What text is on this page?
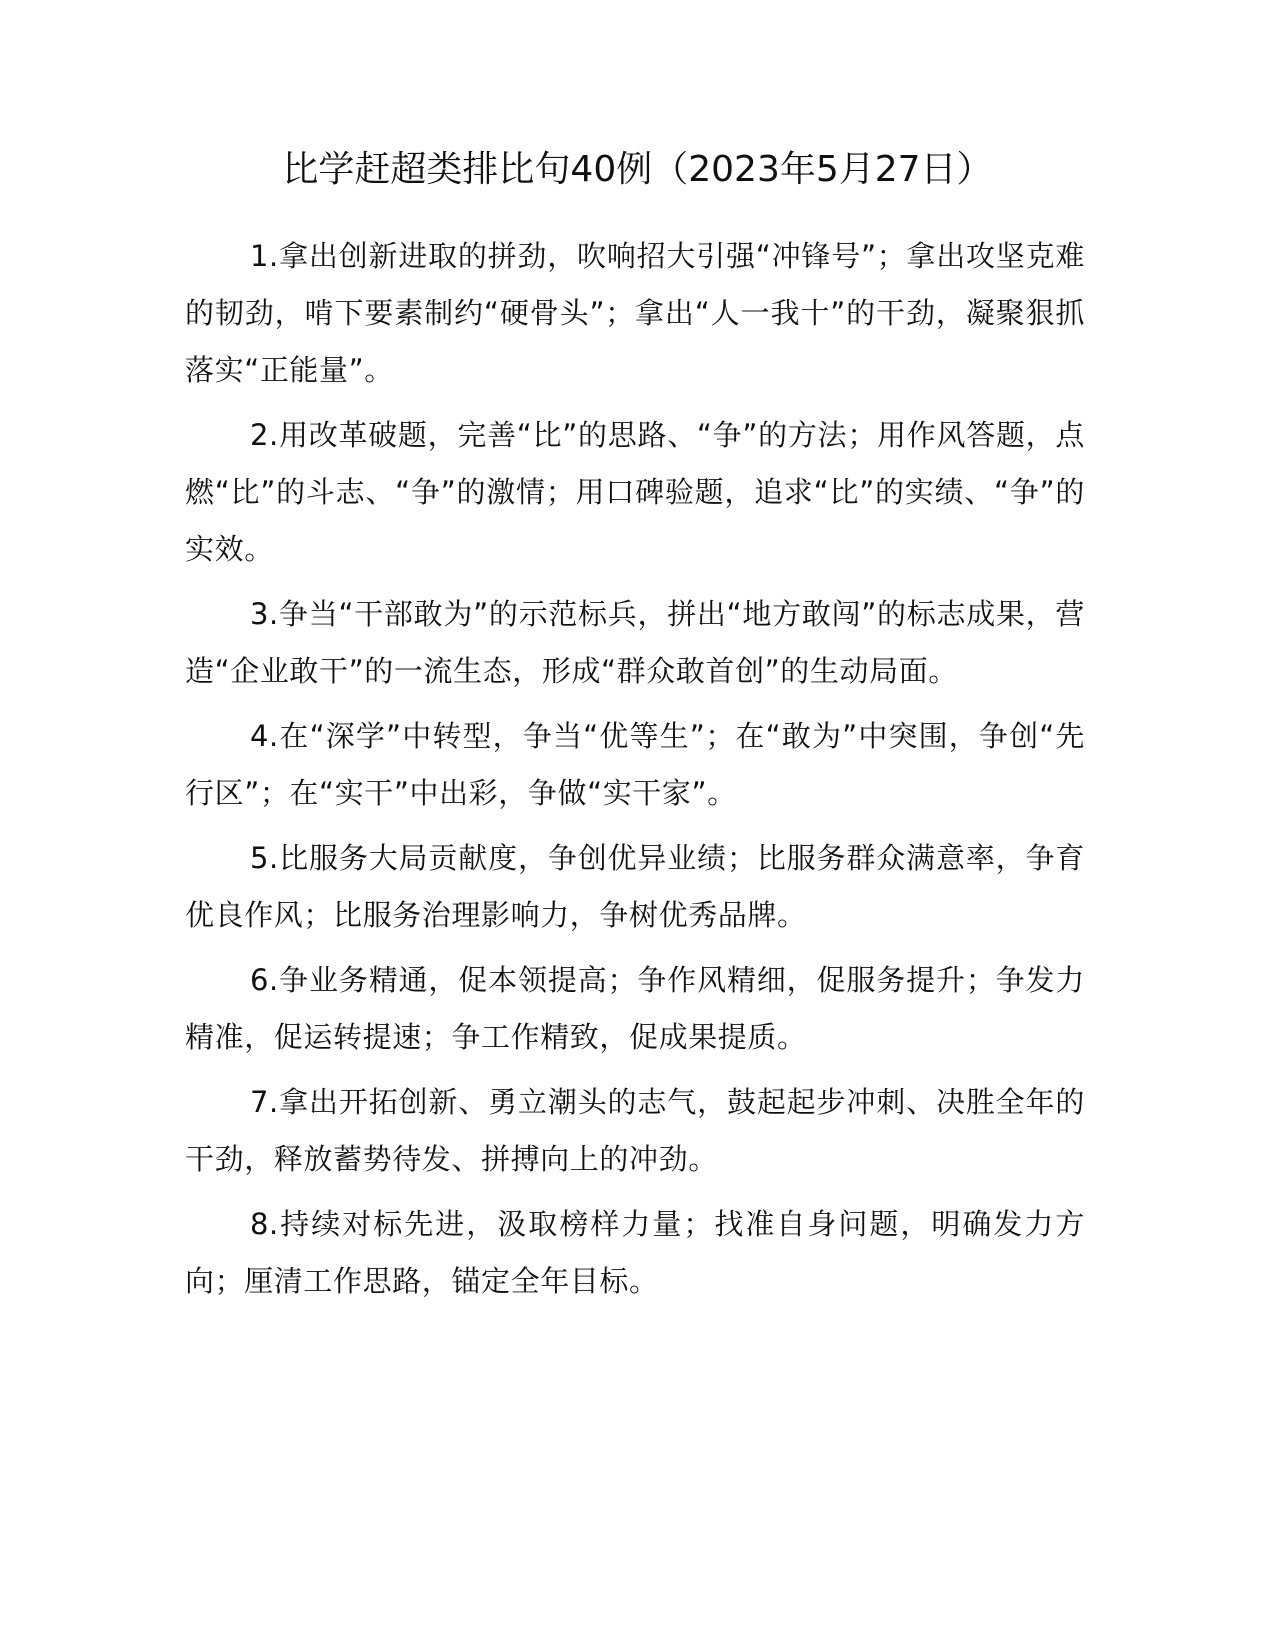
比学赶超类排比句40例（2023年5月27日）

1.拿出创新进取的拼劲，吹响招大引强“冲锋号”；拿出攻坚克难的韧劲，啃下要素制约“硬骨头”；拿出“人一我十”的干劲，凝聚狠抓落实“正能量”。

2.用改革破题，完善“比”的思路、“争”的方法；用作风答题，点燃“比”的斗志、“争”的激情；用口碑验题，追求“比”的实绩、“争”的实效。

3.争当“干部敢为”的示范标兵，拼出“地方敢闯”的标志成果，营造“企业敢干”的一流生态，形成“群众敢首创”的生动局面。

4.在“深学”中转型，争当“优等生”；在“敢为”中突围，争创“先行区”；在“实干”中出彩，争做“实干家”。

5.比服务大局贡献度，争创优异业绩；比服务群众满意率，争育优良作风；比服务治理影响力，争树优秀品牌。

6.争业务精通，促本领提高；争作风精细，促服务提升；争发力精准，促运转提速；争工作精致，促成果提质。

7.拿出开拓创新、勇立潮头的志气，鼓起起步冲刺、决胜全年的干劲，释放蓄势待发、拼搏向上的冲劲。

8.持续对标先进，汲取榜样力量；找准自身问题，明确发力方向；厘清工作思路，锚定全年目标。
